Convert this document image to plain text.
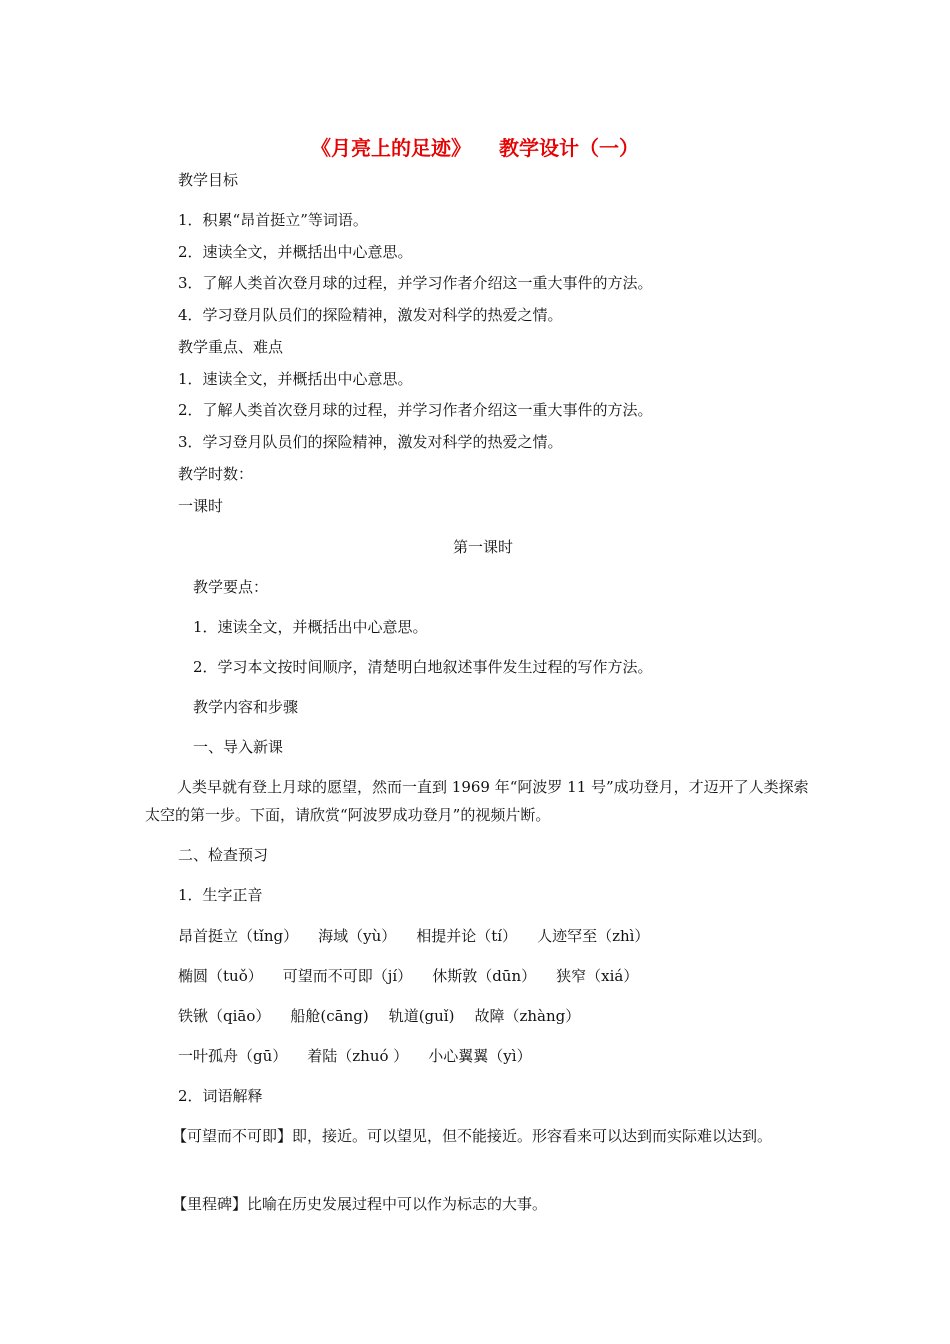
《月亮上的足迹》 教学设计（一）
教学目标
1．积累“昂首挺立”等词语。
2．速读全文，并概括出中心意思。
3．了解人类首次登月球的过程，并学习作者介绍这一重大事件的方法。
4．学习登月队员们的探险精神，激发对科学的热爱之情。
教学重点、难点
1．速读全文，并概括出中心意思。
2．了解人类首次登月球的过程，并学习作者介绍这一重大事件的方法。
3．学习登月队员们的探险精神，激发对科学的热爱之情。
教学时数：
一课时
第一课时
教学要点：
1．速读全文，并概括出中心意思。
2．学习本文按时间顺序，清楚明白地叙述事件发生过程的写作方法。
教学内容和步骤
一、导入新课
人类早就有登上月球的愿望，然而一直到 1969 年“阿波罗 11 号”成功登月，才迈开了人类探索太空的第一步。下面，请欣赏“阿波罗成功登月”的视频片断。
二、检查预习
1．生字正音
昂首挺立（tǐng） 海域（yù） 相提并论（tí） 人迹罕至（zhì）
椭圆（tuǒ） 可望而不可即（jí） 休斯敦（dūn） 狭窄（xiá）
铁锹（qiāo） 船舱(cāng) 轨道(guǐ) 故障（zhàng）
一叶孤舟（gū） 着陆（zhuó ） 小心翼翼（yì）
2．词语解释
【可望而不可即】即，接近。可以望见，但不能接近。形容看来可以达到而实际难以达到。
【里程碑】比喻在历史发展过程中可以作为标志的大事。
